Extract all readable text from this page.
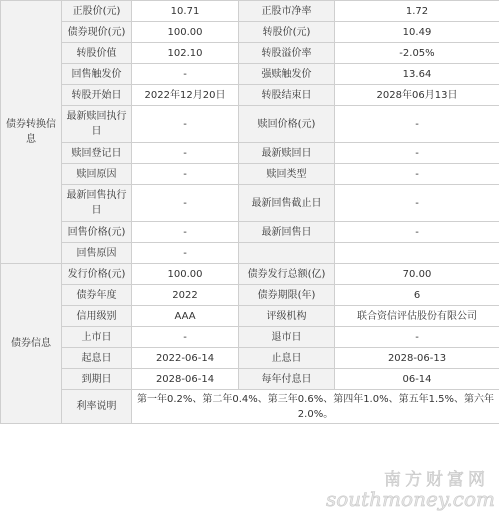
债券转换信息	正股价(元)	10.71	正股市净率	1.72
	债券现价(元)	100.00	转股价(元)	10.49
	转股价值	102.10	转股溢价率	-2.05%
	回售触发价	-	强赎触发价	13.64
	转股开始日	2022年12月20日	转股结束日	2028年06月13日
	最新赎回执行日	-	赎回价格(元)	-
	赎回登记日	-	最新赎回日	-
	赎回原因	-	赎回类型	-
	最新回售执行日	-	最新回售截止日	-
	回售价格(元)	-	最新回售日	-
	回售原因	-		
债券信息	发行价格(元)	100.00	债券发行总额(亿)	70.00
	债券年度	2022	债券期限(年)	6
	信用级别	AAA	评级机构	联合资信评估股份有限公司
	上市日	-	退市日	-
	起息日	2022-06-14	止息日	2028-06-13
	到期日	2028-06-14	每年付息日	06-14
	利率说明	第一年0.2%、第二年0.4%、第三年0.6%、第四年1.0%、第五年1.5%、第六年2.0%。		
南方财富网
southmoney.com
